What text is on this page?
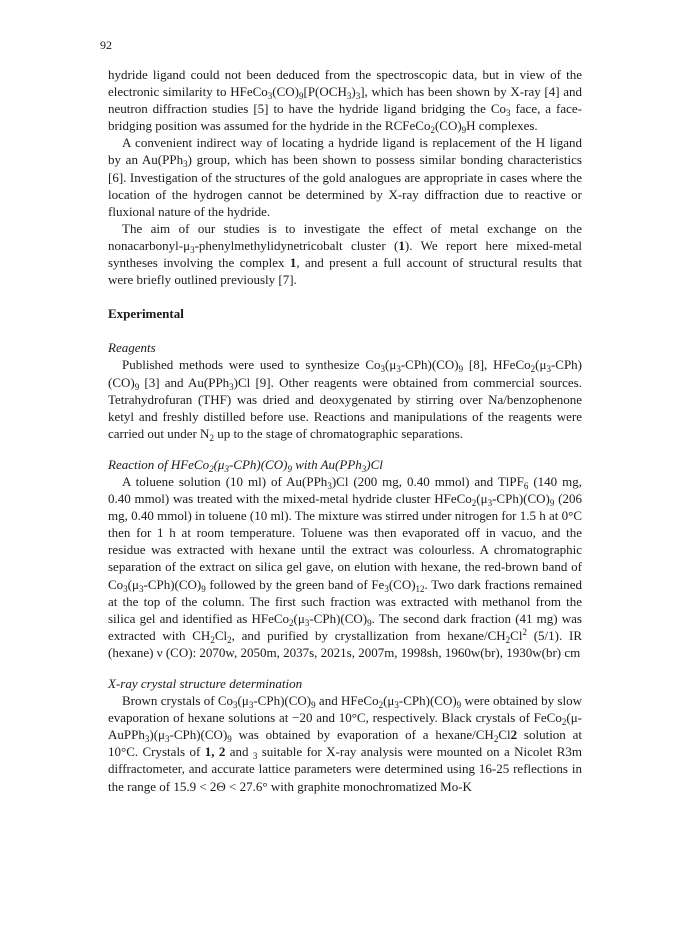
92

hydride ligand could not been deduced from the spectroscopic data, but in view of the electronic similarity to $HFeCo_3(CO)_9[P(OCH_3)_3]$, which has been shown by X-ray [4] and neutron diffraction studies [5] to have the hydride ligand bridging the $Co_3$ face, a face-bridging position was assumed for the hydride in the $RCFeCo_2(CO)_9H$ complexes.

A convenient indirect way of locating a hydride ligand is replacement of the H ligand by an Au(PPh$_3$) group, which has been shown to possess similar bonding characteristics [6]. Investigation of the structures of the gold analogues are appropriate in cases where the location of the hydrogen cannot be determined by X-ray diffraction due to reactive or fluxional nature of the hydride.

The aim of our studies is to investigate the effect of metal exchange on the nonacarbonyl-$\mu_3$-phenylmethylidynetricobalt cluster (1). We report here mixed-metal syntheses involving the complex 1, and present a full account of structural results that were briefly outlined previously [7].

Experimental

Reagents

Published methods were used to synthesize $Co_3(\mu_3-CPh)(CO)_9$ [8], $HFeCo_2(\mu_3-CPh)(CO)_9$ [3] and Au(PPh$_3$)Cl [9]. Other reagents were obtained from commercial sources. Tetrahydrofuran (THF) was dried and deoxygenated by stirring over Na/benzophenone ketyl and freshly distilled before use. Reactions and manipulations of the reagents were carried out under $N_2$ up to the stage of chromatographic separations.

Reaction of $HFeCo_2(\mu_3-CPh)(CO)_9$ with Au(PPh$_3$)Cl

A toluene solution (10 ml) of Au(PPh$_3$)Cl (200 mg, 0.40 mmol) and TlPF$_6$ (140 mg, 0.40 mmol) was treated with the mixed-metal hydride cluster $HFeCo_2(\mu_3-CPh)(CO)_9$ (206 mg, 0.40 mmol) in toluene (10 ml). The mixture was stirred under nitrogen for 1.5 h at 0°C then for 1 h at room temperature. Toluene was then evaporated off in vacuo, and the residue was extracted with hexane until the extract was colourless. A chromatographic separation of the extract on silica gel gave, on elution with hexane, the red-brown band of $Co_3(\mu_3-CPh)(CO)_9$ followed by the green band of $Fe_3(CO)_{12}$. Two dark fractions remained at the top of the column. The first such fraction was extracted with methanol from the silica gel and identified as $HFeCo_2(\mu_3-CPh)(CO)_9$. The second dark fraction (41 mg) was extracted with $CH_2Cl_2$, and purified by crystallization from hexane/$CH_2Cl^2$ (5/1). IR (hexane) ν (CO): 2070w, 2050m, 2037s, 2021s, 2007m, 1998sh, 1960w(br), 1930w(br) cm

X-ray crystal structure determination

Brown crystals of $Co_3(\mu_3-CPh)(CO)_9$ and $HFeCo_2(\mu_3-CPh)(CO)_9$ were obtained by slow evaporation of hexane solutions at −20 and 10°C, respectively. Black crystals of $FeCo_2(\mu-AuPPh_3)(\mu_3-CPh)(CO)_9$ was obtained by evaporation of a hexane/$CH_2Cl2$ solution at 10°C. Crystals of 1, 2 and $_3$ suitable for X-ray analysis were mounted on a Nicolet R3m diffractometer, and accurate lattice parameters were determined using 16-25 reflections in the range of 15.9 < 2Θ < 27.6° with graphite monochromatized Mo-K
